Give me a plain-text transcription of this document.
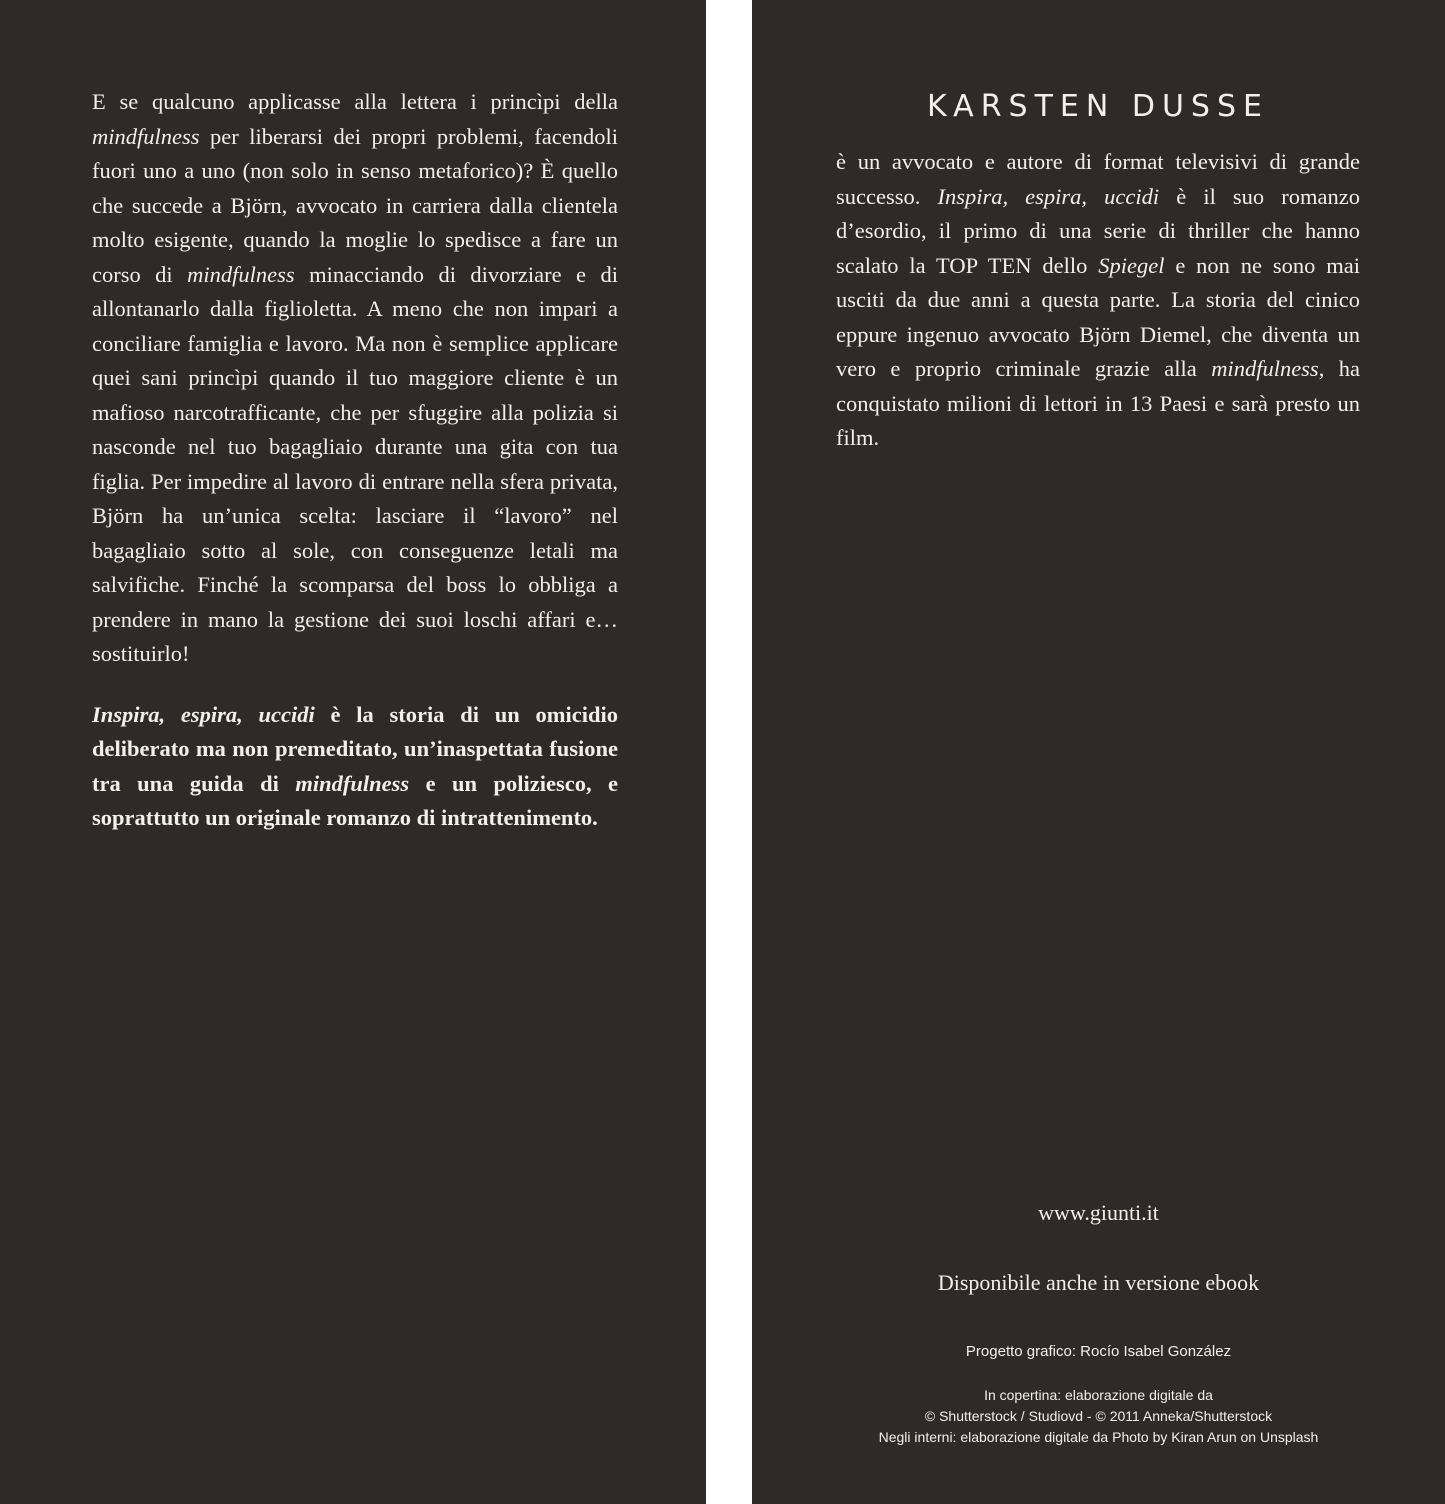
E se qualcuno applicasse alla lettera i princìpi della mindfulness per liberarsi dei propri problemi, facendoli fuori uno a uno (non solo in senso metaforico)? È quello che succede a Björn, avvocato in carriera dalla clientela molto esigente, quando la moglie lo spedisce a fare un corso di mindfulness minacciando di divorziare e di allontanarlo dalla figlioletta. A meno che non impari a conciliare famiglia e lavoro. Ma non è semplice applicare quei sani princìpi quando il tuo maggiore cliente è un mafioso narcotrafficante, che per sfuggire alla polizia si nasconde nel tuo bagagliaio durante una gita con tua figlia. Per impedire al lavoro di entrare nella sfera privata, Björn ha un’unica scelta: lasciare il “lavoro” nel bagagliaio sotto al sole, con conseguenze letali ma salvifiche. Finché la scomparsa del boss lo obbliga a prendere in mano la gestione dei suoi loschi affari e… sostituirlo!

Inspira, espira, uccidi è la storia di un omicidio deliberato ma non premeditato, un’inaspettata fusione tra una guida di mindfulness e un poliziesco, e soprattutto un originale romanzo di intrattenimento.

KARSTEN DUSSE

è un avvocato e autore di format televisivi di grande successo. Inspira, espira, uccidi è il suo romanzo d’esordio, il primo di una serie di thriller che hanno scalato la TOP TEN dello Spiegel e non ne sono mai usciti da due anni a questa parte. La storia del cinico eppure ingenuo avvocato Björn Diemel, che diventa un vero e proprio criminale grazie alla mindfulness, ha conquistato milioni di lettori in 13 Paesi e sarà presto un film.

www.giunti.it
Disponibile anche in versione ebook
Progetto grafico: Rocío Isabel González
In copertina: elaborazione digitale da
© Shutterstock / Studiovd - © 2011 Anneka/Shutterstock
Negli interni: elaborazione digitale da Photo by Kiran Arun on Unsplash
